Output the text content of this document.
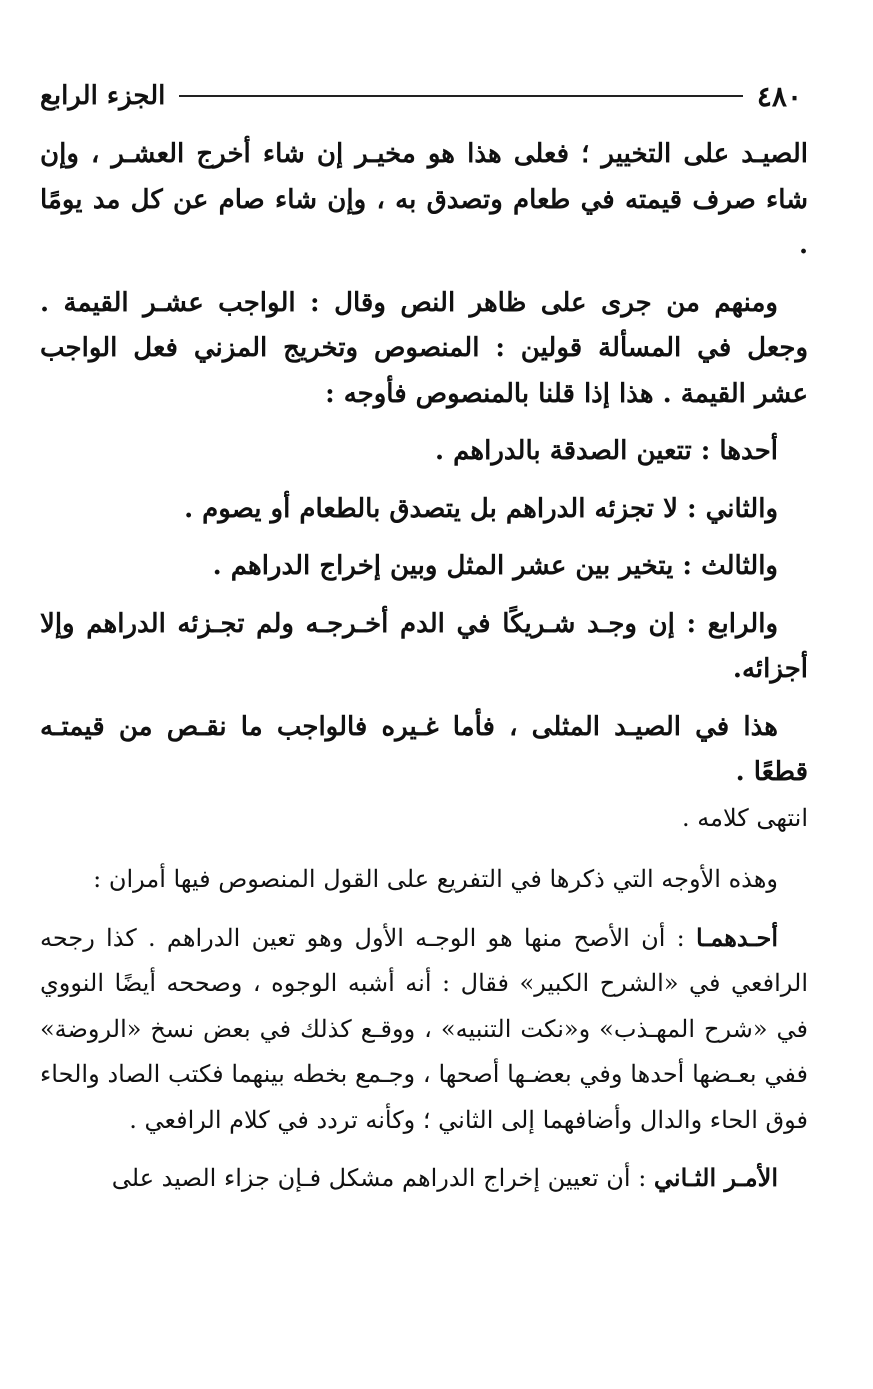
٤٨٠
الجزء الرابع

الصيـد على التخيير ؛ فعلى هذا هو مخيـر إن شاء أخرج العشـر ، وإن شاء صرف قيمته في طعام وتصدق به ، وإن شاء صام عن كل مد يومًا .

ومنهم من جرى على ظاهر النص وقال : الواجب عشـر القيمة . وجعل في المسألة قولين : المنصوص وتخريج المزني فعل الواجب عشر القيمة . هذا إذا قلنا بالمنصوص فأوجه :

أحدها : تتعين الصدقة بالدراهم .

والثاني : لا تجزئه الدراهم بل يتصدق بالطعام أو يصوم .

والثالث : يتخير بين عشر المثل وبين إخراج الدراهم .

والرابع : إن وجـد شـريكًا في الدم أخـرجـه ولم تجـزئه الدراهم وإلا أجزائه.

هذا في الصيـد المثلى ، فأما غـيره فالواجب ما نقـص من قيمتـه قطعًا .

انتهى كلامه .

وهذه الأوجه التي ذكرها في التفريع على القول المنصوص فيها أمران :

أحـدهمـا : أن الأصح منها هو الوجـه الأول وهو تعين الدراهم . كذا رجحه الرافعي في «الشرح الكبير» فقال : أنه أشبه الوجوه ، وصححه أيضًا النووي في «شرح المهـذب» و«نكت التنبيه» ، ووقـع كذلك في بعض نسخ «الروضة» ففي بعـضها أحدها وفي بعضـها أصحها ، وجـمع بخطه بينهما فكتب الصاد والحاء فوق الحاء والدال وأضافهما إلى الثاني ؛ وكأنه تردد في كلام الرافعي .

الأمـر الثـاني : أن تعيين إخراج الدراهم مشكل فـإن جزاء الصيد على
